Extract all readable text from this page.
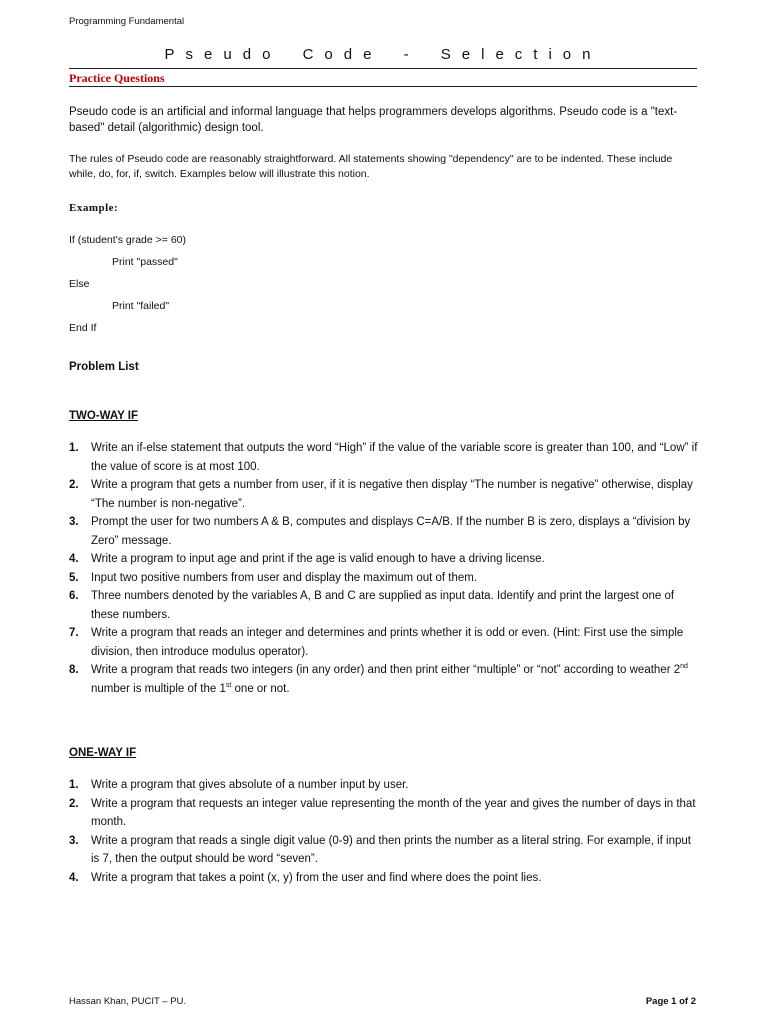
Programming Fundamental
Pseudo Code - Selection
Practice Questions
Pseudo code is an artificial and informal language that helps programmers develops algorithms. Pseudo code is a "text-based" detail (algorithmic) design tool.
The rules of Pseudo code are reasonably straightforward. All statements showing "dependency" are to be indented. These include while, do, for, if, switch. Examples below will illustrate this notion.
Example:
If (student's grade >= 60)
Print "passed"
Else
Print "failed"
End If
Problem List
TWO-WAY IF
1. Write an if-else statement that outputs the word “High” if the value of the variable score is greater than 100, and “Low” if the value of score is at most 100.
2. Write a program that gets a number from user, if it is negative then display “The number is negative” otherwise, display “The number is non-negative”.
3. Prompt the user for two numbers A & B, computes and displays C=A/B. If the number B is zero, displays a “division by Zero” message.
4. Write a program to input age and print if the age is valid enough to have a driving license.
5. Input two positive numbers from user and display the maximum out of them.
6. Three numbers denoted by the variables A, B and C are supplied as input data. Identify and print the largest one of these numbers.
7. Write a program that reads an integer and determines and prints whether it is odd or even. (Hint: First use the simple division, then introduce modulus operator).
8. Write a program that reads two integers (in any order) and then print either “multiple” or “not” according to weather 2nd number is multiple of the 1st one or not.
ONE-WAY IF
1. Write a program that gives absolute of a number input by user.
2. Write a program that requests an integer value representing the month of the year and gives the number of days in that month.
3. Write a program that reads a single digit value (0-9) and then prints the number as a literal string. For example, if input is 7, then the output should be word “seven”.
4. Write a program that takes a point (x, y) from the user and find where does the point lies.
Hassan Khan, PUCIT – PU.	Page 1 of 2
